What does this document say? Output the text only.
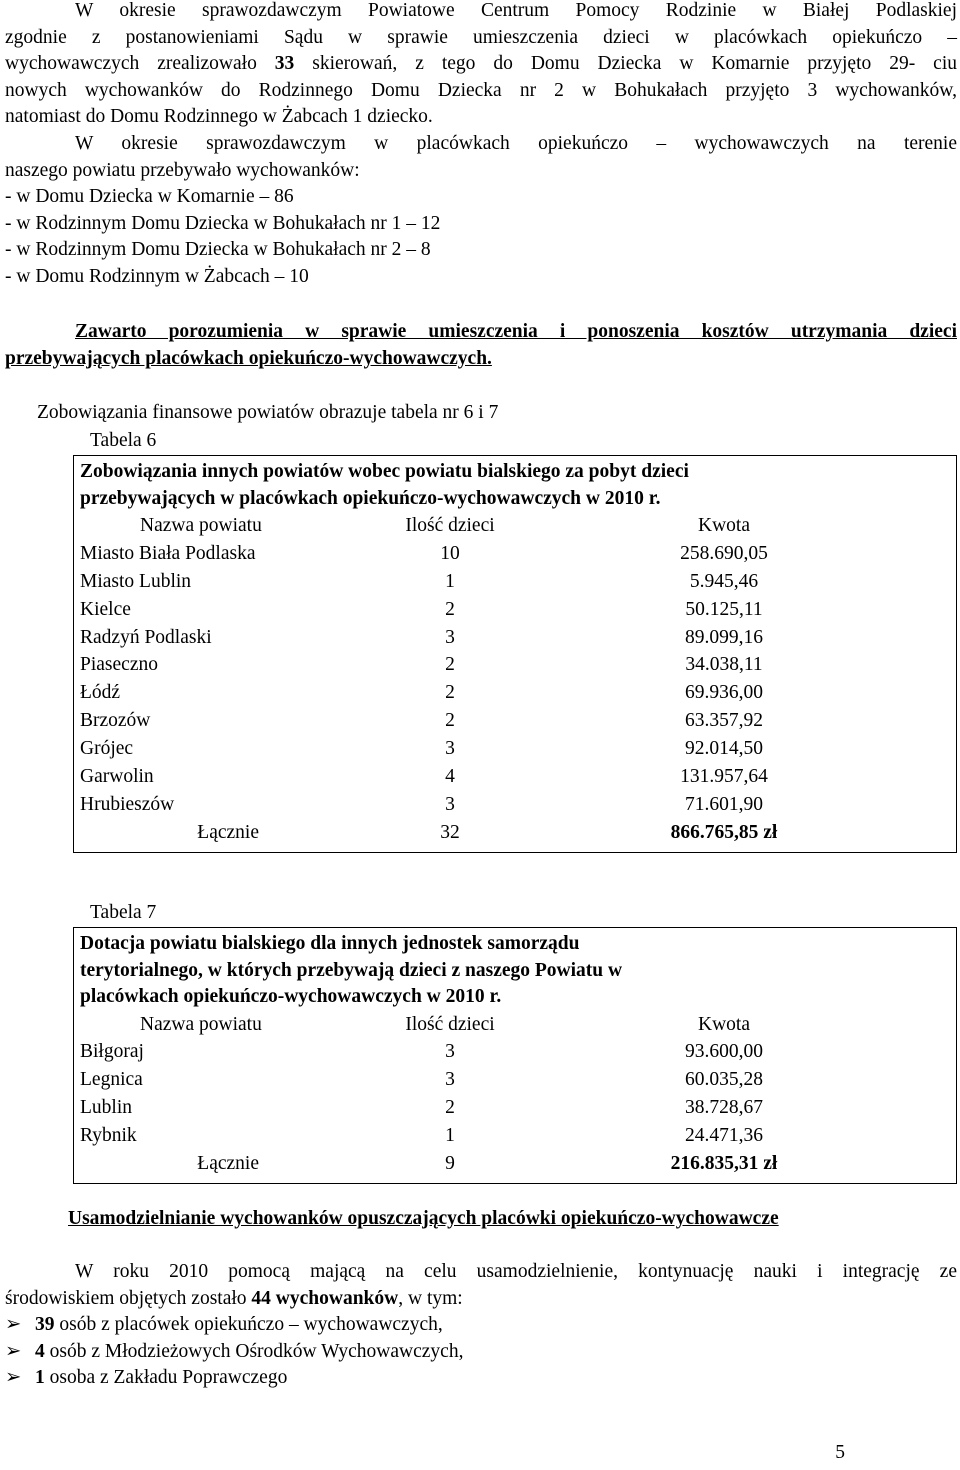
W okresie sprawozdawczym Powiatowe Centrum Pomocy Rodzinie w Białej Podlaskiej
zgodnie z postanowieniami Sądu w sprawie umieszczenia dzieci w placówkach opiekuńczo –
wychowawczych zrealizowało 33 skierowań, z tego do Domu Dziecka w Komarnie przyjęto 29- ciu
nowych wychowanków do Rodzinnego Domu Dziecka nr 2 w Bohukałach przyjęto 3 wychowanków,
natomiast do Domu Rodzinnego w Żabcach 1 dziecko.
W okresie sprawozdawczym w placówkach opiekuńczo – wychowawczych na terenie
naszego powiatu przebywało wychowanków:
- w Domu Dziecka w Komarnie – 86
- w Rodzinnym Domu Dziecka w Bohukałach nr 1 – 12
- w Rodzinnym Domu Dziecka w Bohukałach nr 2 – 8
- w Domu Rodzinnym w Żabcach – 10
Zawarto porozumienia w sprawie umieszczenia i ponoszenia kosztów utrzymania dzieci
przebywających placówkach opiekuńczo-wychowawczych.

Zobowiązania finansowe powiatów obrazuje tabela nr 6 i 7

Tabela 6

Zobowiązania innych powiatów wobec powiatu bialskiego za pobyt dzieci
przebywających w placówkach opiekuńczo-wychowawczych w 2010 r.
Nazwa powiatu	Ilość dzieci	Kwota
Miasto Biała Podlaska	10	258.690,05
Miasto Lublin	1	5.945,46
Kielce	2	50.125,11
Radzyń Podlaski	3	89.099,16
Piaseczno	2	34.038,11
Łódź	2	69.936,00
Brzozów	2	63.357,92
Grójec	3	92.014,50
Garwolin	4	131.957,64
Hrubieszów	3	71.601,90
Łącznie	32	866.765,85 zł

Tabela 7

Dotacja powiatu bialskiego dla innych jednostek samorządu
terytorialnego, w których przebywają dzieci z naszego Powiatu w
placówkach opiekuńczo-wychowawczych w 2010 r.
Nazwa powiatu	Ilość dzieci	Kwota
Biłgoraj	3	93.600,00
Legnica	3	60.035,28
Lublin	2	38.728,67
Rybnik	1	24.471,36
Łącznie	9	216.835,31 zł

Usamodzielnianie wychowanków opuszczających placówki opiekuńczo-wychowawcze

W roku 2010 pomocą mającą na celu usamodzielnienie, kontynuację nauki i integrację ze
środowiskiem objętych zostało 44 wychowanków, w tym:
➢ 39 osób z placówek opiekuńczo – wychowawczych,
➢ 4 osób z Młodzieżowych Ośrodków Wychowawczych,
➢ 1 osoba z Zakładu Poprawczego
5
